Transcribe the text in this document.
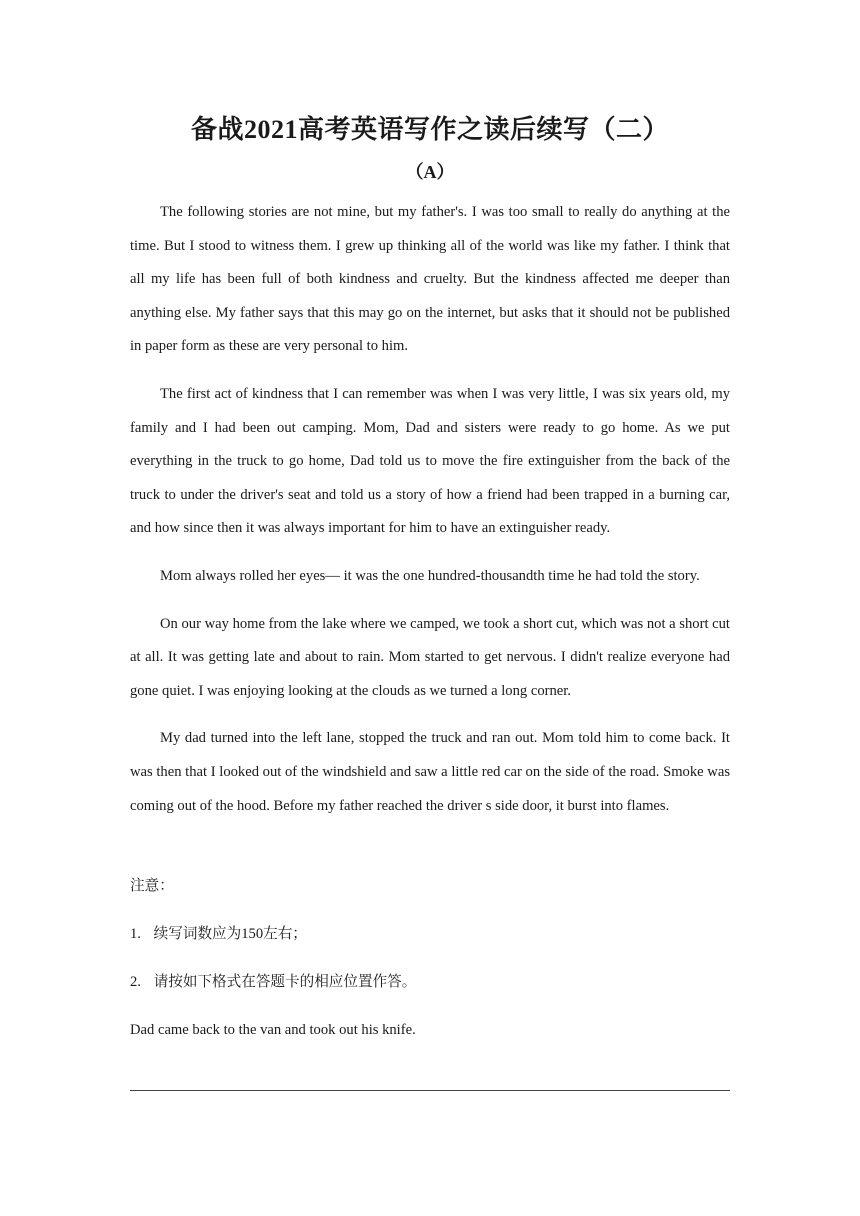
备战2021高考英语写作之读后续写（二）
（A）

The following stories are not mine, but my father's. I was too small to really do anything at the time. But I stood to witness them. I grew up thinking all of the world was like my father. I think that all my life has been full of both kindness and cruelty. But the kindness affected me deeper than anything else. My father says that this may go on the internet, but asks that it should not be published in paper form as these are very personal to him.

The first act of kindness that I can remember was when I was very little, I was six years old, my family and I had been out camping. Mom, Dad and sisters were ready to go home. As we put everything in the truck to go home, Dad told us to move the fire extinguisher from the back of the truck to under the driver's seat and told us a story of how a friend had been trapped in a burning car, and how since then it was always important for him to have an extinguisher ready.

Mom always rolled her eyes— it was the one hundred-thousandth time he had told the story.

On our way home from the lake where we camped, we took a short cut, which was not a short cut at all. It was getting late and about to rain. Mom started to get nervous. I didn't realize everyone had gone quiet. I was enjoying looking at the clouds as we turned a long corner.

My dad turned into the left lane, stopped the truck and ran out. Mom told him to come back. It was then that I looked out of the windshield and saw a little red car on the side of the road. Smoke was coming out of the hood. Before my father reached the driver s side door, it burst into flames.

注意：

1. 续写词数应为150左右；

2. 请按如下格式在答题卡的相应位置作答。

Dad came back to the van and took out his knife.
